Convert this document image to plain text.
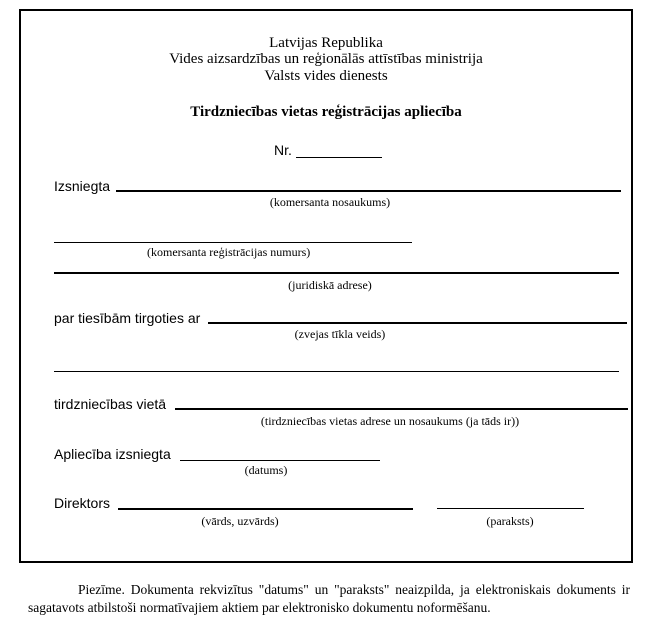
Latvijas Republika
Vides aizsardzības un reģionālās attīstības ministrija
Valsts vides dienests
Tirdzniecības vietas reģistrācijas apliecība
Nr.
Izsniegta
(komersanta nosaukums)
(komersanta reģistrācijas numurs)
(juridiskā adrese)
par tiesībām tirgoties ar
(zvejas tīkla veids)
tirdzniecības vietā
(tirdzniecības vietas adrese un nosaukums (ja tāds ir))
Apliecība izsniegta
(datums)
Direktors
(vārds, uzvārds)	(paraksts)
Piezīme. Dokumenta rekvizītus "datums" un "paraksts" neaizpilda, ja elektroniskais dokuments ir sagatavots atbilstoši normatīvajiem aktiem par elektronisko dokumentu noformēšanu.
